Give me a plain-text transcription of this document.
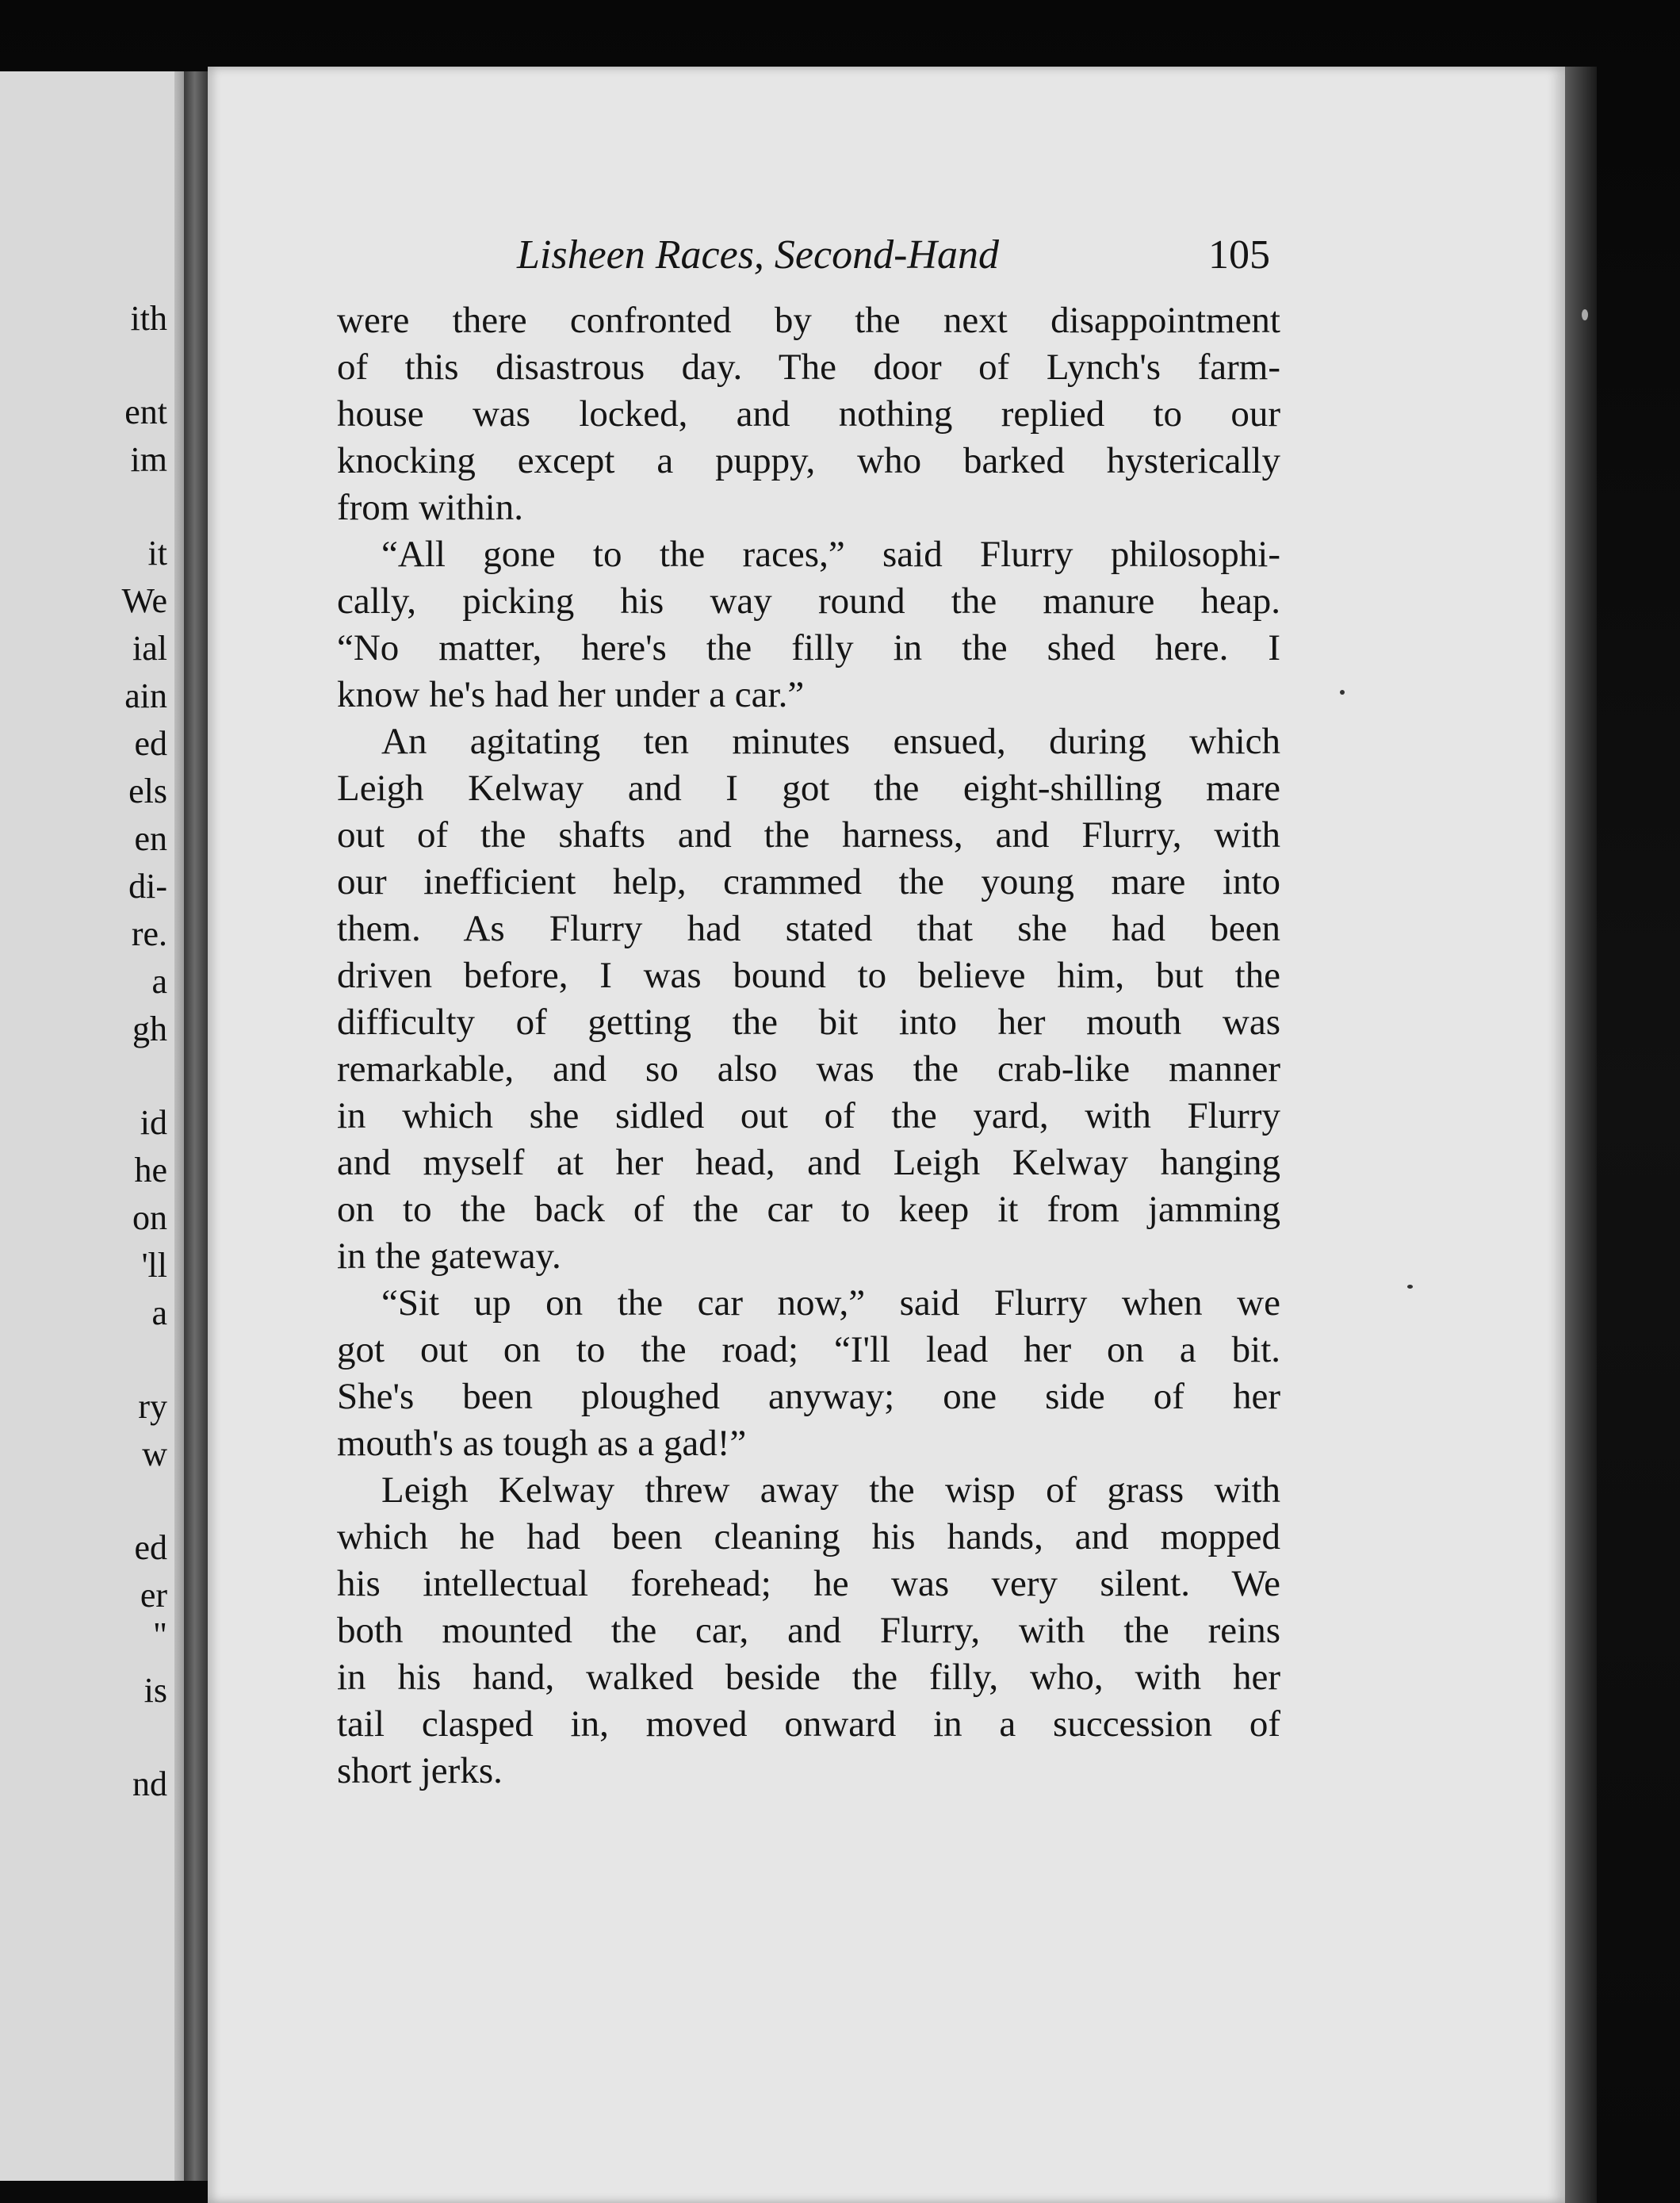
ith
ent
im
it
We
ial
ain
ed
els
en
di-
re.
a
gh
id
he
on
'll
a
ry
w
ed
er
"
is
nd
Lisheen Races, Second-Hand	105
were there confronted by the next disappointment
of this disastrous day. The door of Lynch's farm-
house was locked, and nothing replied to our
knocking except a puppy, who barked hysterically
from within.
“All gone to the races,” said Flurry philosophi-
cally, picking his way round the manure heap.
“No matter, here's the filly in the shed here. I
know he's had her under a car.”
An agitating ten minutes ensued, during which
Leigh Kelway and I got the eight-shilling mare
out of the shafts and the harness, and Flurry, with
our inefficient help, crammed the young mare into
them. As Flurry had stated that she had been
driven before, I was bound to believe him, but the
difficulty of getting the bit into her mouth was
remarkable, and so also was the crab-like manner
in which she sidled out of the yard, with Flurry
and myself at her head, and Leigh Kelway hanging
on to the back of the car to keep it from jamming
in the gateway.
“Sit up on the car now,” said Flurry when we
got out on to the road; “I'll lead her on a bit.
She's been ploughed anyway; one side of her
mouth's as tough as a gad!”
Leigh Kelway threw away the wisp of grass with
which he had been cleaning his hands, and mopped
his intellectual forehead; he was very silent. We
both mounted the car, and Flurry, with the reins
in his hand, walked beside the filly, who, with her
tail clasped in, moved onward in a succession of
short jerks.
